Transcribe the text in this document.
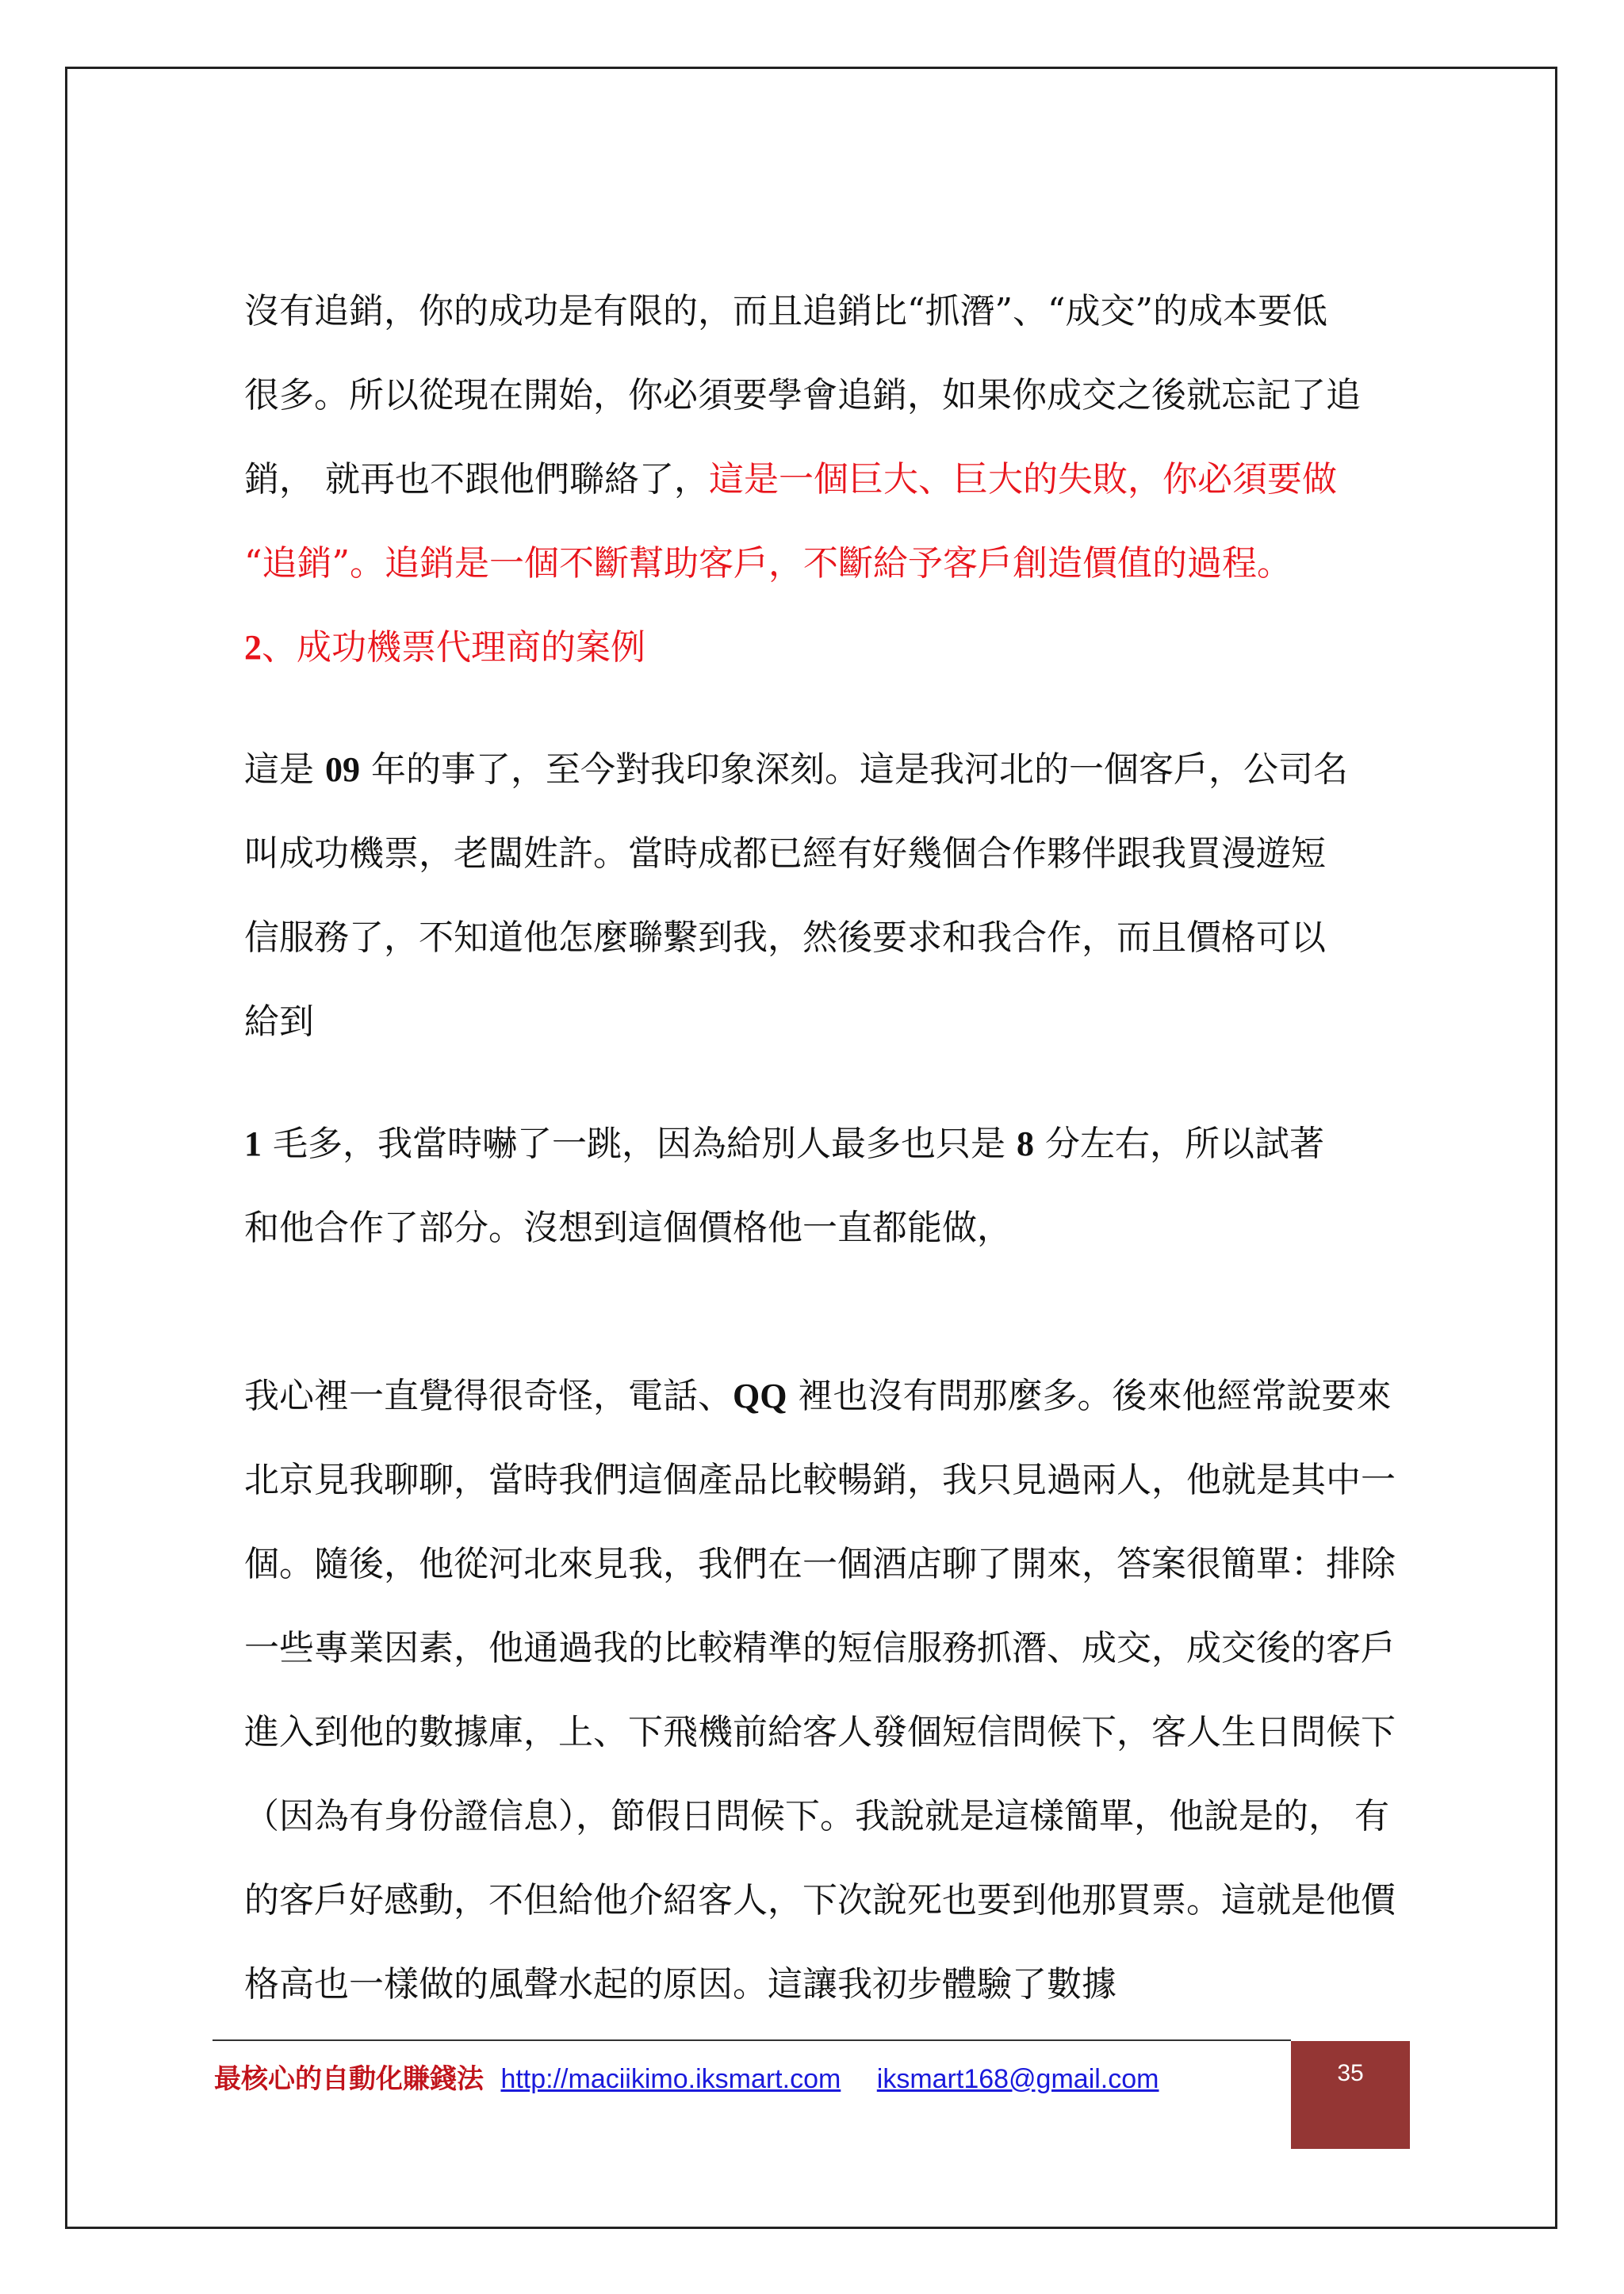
沒有追銷，你的成功是有限的，而且追銷比“抓潛”、“成交”的成本要低

很多。所以從現在開始，你必須要學會追銷，如果你成交之後就忘記了追

銷， 就再也不跟他們聯絡了，這是一個巨大、巨大的失敗，你必須要做

“追銷”。追銷是一個不斷幫助客戶，不斷給予客戶創造價值的過程。

2、成功機票代理商的案例

這是 09 年的事了，至今對我印象深刻。這是我河北的一個客戶，公司名

叫成功機票，老闆姓許。當時成都已經有好幾個合作夥伴跟我買漫遊短

信服務了，不知道他怎麼聯繫到我，然後要求和我合作，而且價格可以

給到

1 毛多，我當時嚇了一跳，因為給別人最多也只是 8 分左右，所以試著

和他合作了部分。沒想到這個價格他一直都能做，

我心裡一直覺得很奇怪，電話、QQ 裡也沒有問那麼多。後來他經常說要來

北京見我聊聊，當時我們這個產品比較暢銷，我只見過兩人，他就是其中一

個。隨後，他從河北來見我，我們在一個酒店聊了開來，答案很簡單：排除

一些專業因素，他通過我的比較精準的短信服務抓潛、成交，成交後的客戶

進入到他的數據庫，上、下飛機前給客人發個短信問候下，客人生日問候下

（因為有身份證信息），節假日問候下。我說就是這樣簡單，他說是的， 有

的客戶好感動，不但給他介紹客人，下次說死也要到他那買票。這就是他價

格高也一樣做的風聲水起的原因。這讓我初步體驗了數據

最核心的自動化賺錢法 http://maciikimo.iksmart.com iksmart168@gmail.com	35
